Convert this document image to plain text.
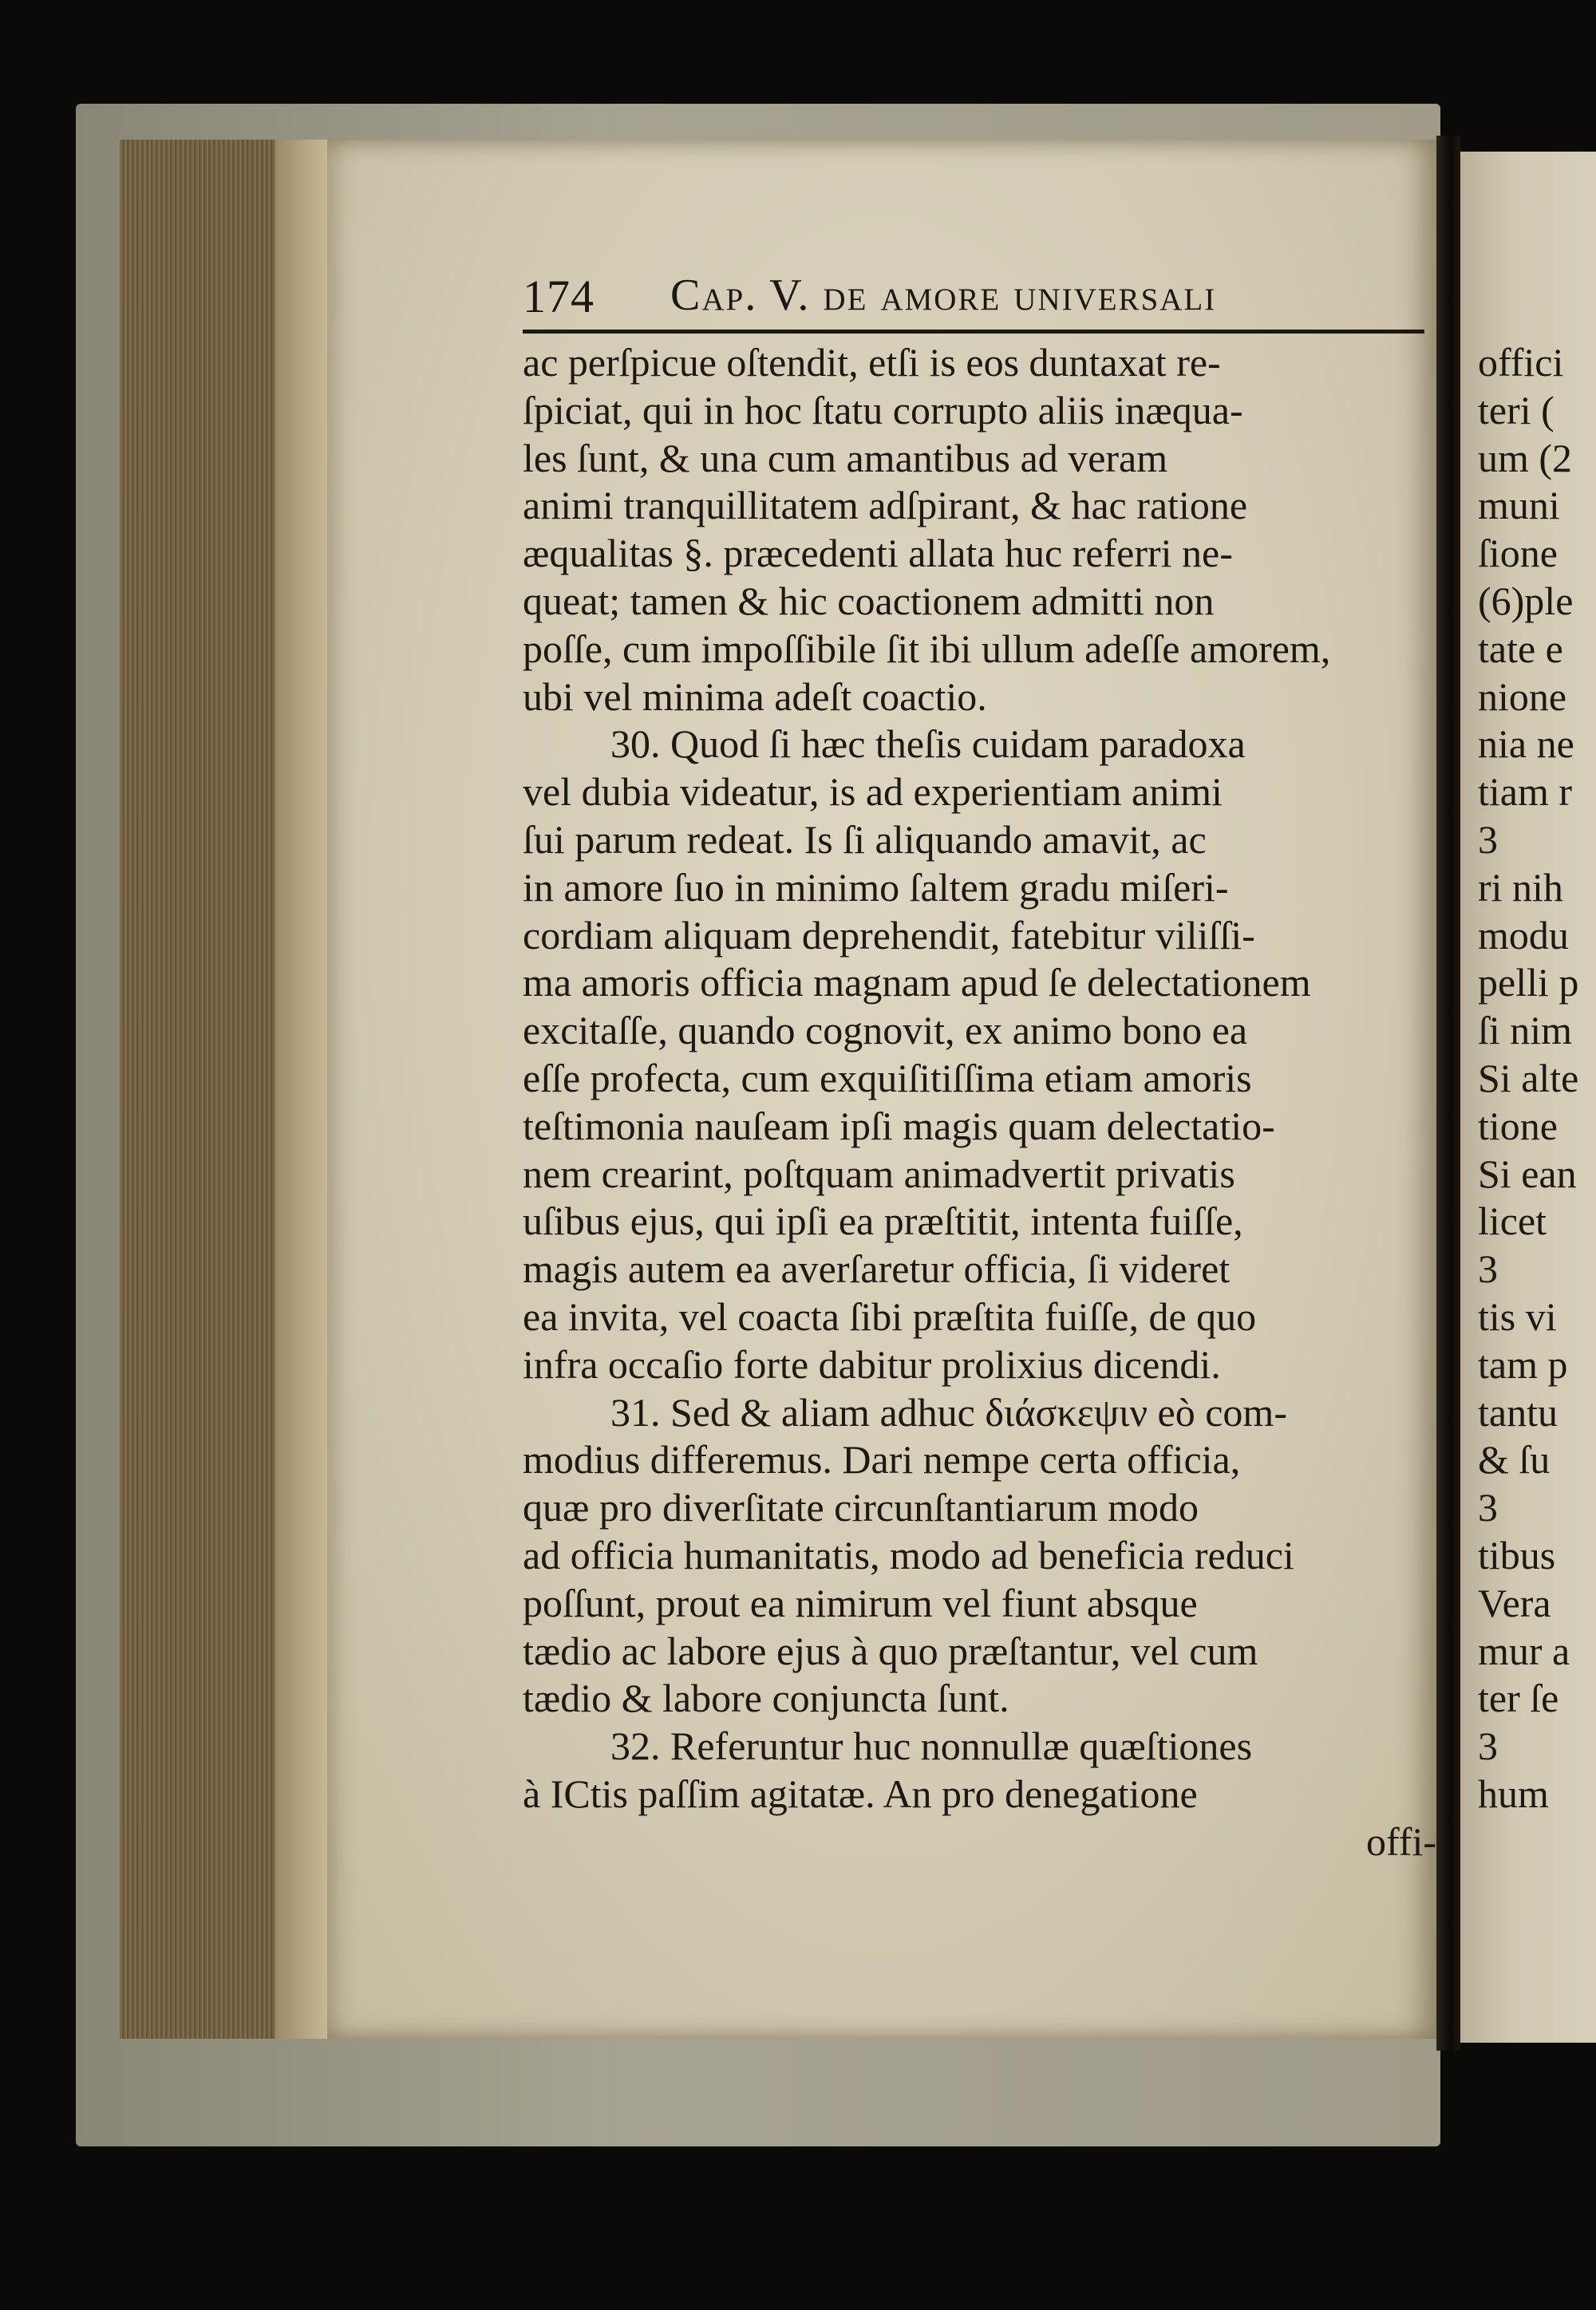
offici
teri (
um (2
muni
ſione
(6)ple
tate e
nione
nia ne
tiam r
3
ri nih
modu
pelli p
ſi nim
Si alte
tione
Si ean
licet
3
tis vi
tam p
tantu
& ſu
3
tibus
Vera
mur a
ter ſe
3
hum
174 Cap. V. de amore universali
ac perſpicue oſtendit, etſi is eos duntaxat re-
ſpiciat, qui in hoc ſtatu corrupto aliis inæqua-
les ſunt, & una cum amantibus ad veram
animi tranquillitatem adſpirant, & hac ratione
æqualitas §. præcedenti allata huc referri ne-
queat; tamen & hic coactionem admitti non
poſſe, cum impoſſibile ſit ibi ullum adeſſe amorem,
ubi vel minima adeſt coactio.
30. Quod ſi hæc theſis cuidam paradoxa
vel dubia videatur, is ad experientiam animi
ſui parum redeat. Is ſi aliquando amavit, ac
in amore ſuo in minimo ſaltem gradu miſeri-
cordiam aliquam deprehendit, fatebitur viliſſi-
ma amoris officia magnam apud ſe delectationem
excitaſſe, quando cognovit, ex animo bono ea
eſſe profecta, cum exquiſitiſſima etiam amoris
teſtimonia nauſeam ipſi magis quam delectatio-
nem crearint, poſtquam animadvertit privatis
uſibus ejus, qui ipſi ea præſtitit, intenta fuiſſe,
magis autem ea averſaretur officia, ſi videret
ea invita, vel coacta ſibi præſtita fuiſſe, de quo
infra occaſio forte dabitur prolixius dicendi.
31. Sed & aliam adhuc διάσκεψιν eò com-
modius differemus. Dari nempe certa officia,
quæ pro diverſitate circunſtantiarum modo
ad officia humanitatis, modo ad beneficia reduci
poſſunt, prout ea nimirum vel fiunt absque
tædio ac labore ejus à quo præſtantur, vel cum
tædio & labore conjuncta ſunt.
32. Referuntur huc nonnullæ quæſtiones
à ICtis paſſim agitatæ. An pro denegatione
offi-
